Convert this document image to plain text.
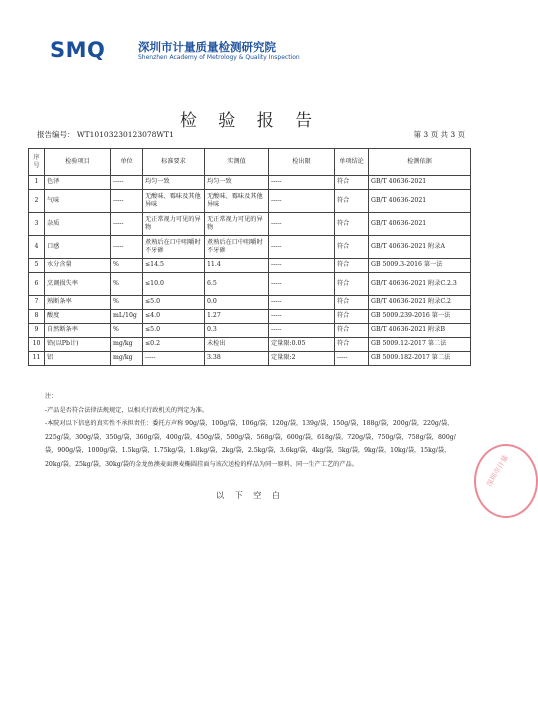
SMQ	深圳市计量质量检测研究院
Shenzhen Academy of Metrology & Quality Inspection
检 验 报 告
报告编号： WT10103230123078WT1	第 3 页 共 3 页
序号	检验项目	单位	标准要求	实测值	检出限	单项结论	检测依据
1	色泽	-----	均匀一致	均匀一致	-----	符合	GB/T 40636-2021
2	气味	-----	无酸味、霉味及其他异味	无酸味、霉味及其他异味	-----	符合	GB/T 40636-2021
3	杂质	-----	无正常视力可见的异物	无正常视力可见的异物	-----	符合	GB/T 40636-2021
4	口感	-----	煮熟后在口中咀嚼时不牙碜	煮熟后在口中咀嚼时不牙碜	-----	符合	GB/T 40636-2021 附录A
5	水分含量	%	≤14.5	11.4	-----	符合	GB 5009.3-2016 第一法
6	烹调损失率	%	≤10.0	6.5	-----	符合	GB/T 40636-2021 附录C.2.3
7	熟断条率	%	≤5.0	0.0	-----	符合	GB/T 40636-2021 附录C.2
8	酸度	mL/10g	≤4.0	1.27	-----	符合	GB 5009.239-2016 第一法
9	自然断条率	%	≤5.0	0.3	-----	符合	GB/T 40636-2021 附录B
10	铅(以Pb计)	mg/kg	≤0.2	未检出	定量限:0.05	符合	GB 5009.12-2017 第二法
11	铝	mg/kg	-----	3.38	定量限:2	-----	GB 5009.182-2017 第二法

注：

-产品是否符合法律法规规定，以相关行政机关的判定为准。

-本院对以下信息的真实性不承担责任：委托方声称 90g/袋，100g/袋，106g/袋，120g/袋，139g/袋，150g/袋，188g/袋，200g/袋，220g/袋，225g/袋，300g/袋，350g/袋，360g/袋，400g/袋，450g/袋，500g/袋，568g/袋，600g/袋，618g/袋，720g/袋，750g/袋，758g/袋，800g/袋，900g/袋，1000g/袋，1.5kg/袋，1.75kg/袋，1.8kg/袋，2kg/袋，2.5kg/袋，3.6kg/袋，4kg/袋，5kg/袋，9kg/袋，10kg/袋，15kg/袋，20kg/袋，25kg/袋，30kg/袋的金龙鱼澳麦面澳麦椭圆挂面与该次送检的样品为同一原料、同一生产工艺的产品。

以 下 空 白
深圳市计量
